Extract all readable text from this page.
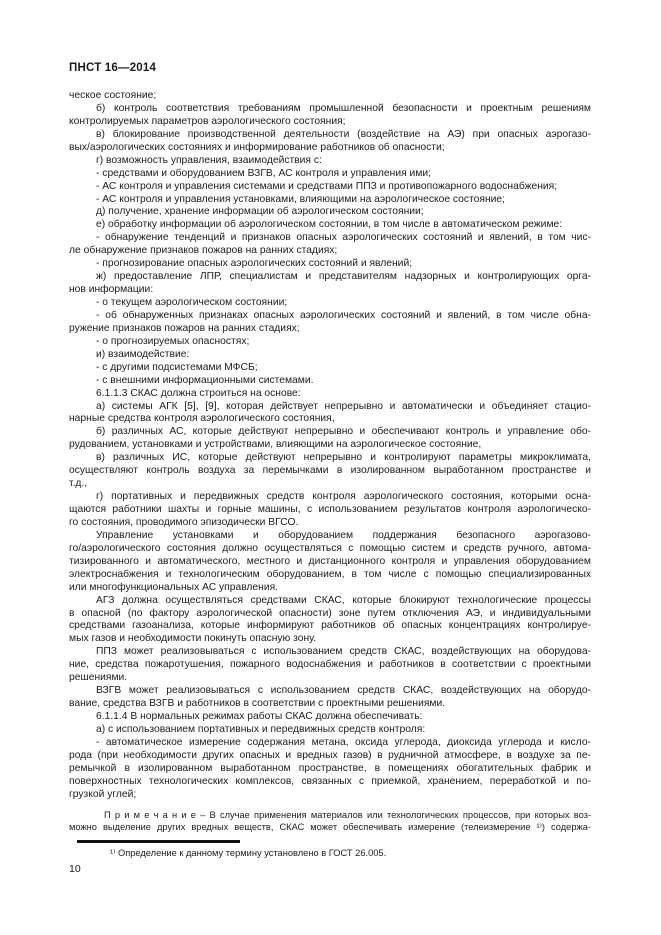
ПНСТ 16—2014
ческое состояние;
б) контроль соответствия требованиям промышленной безопасности и проектным решениям
контролируемых параметров аэрологического состояния;
в) блокирование производственной деятельности (воздействие на АЭ) при опасных аэрогазо-
вых/аэрологических состояниях и информирование работников об опасности;
г) возможность управления, взаимодействия с:
- средствами и оборудованием ВЗГВ, АС контроля и управления ими;
- АС контроля и управления системами и средствами ППЗ и противопожарного водоснабжения;
- АС контроля и управления установками, влияющими на аэрологическое состояние;
д) получение, хранение информации об аэрологическом состоянии;
е) обработку информации об аэрологическом состоянии, в том числе в автоматическом режиме:
- обнаружение тенденций и признаков опасных аэрологических состояний и явлений, в том чис-
ле обнаружение признаков пожаров на ранних стадиях;
- прогнозирование опасных аэрологических состояний и явлений;
ж) предоставление ЛПР, специалистам и представителям надзорных и контролирующих орга-
нов информации:
- о текущем аэрологическом состоянии;
- об обнаруженных признаках опасных аэрологических состояний и явлений, в том числе обна-
ружение признаков пожаров на ранних стадиях;
- о прогнозируемых опасностях;
и) взаимодействие:
- с другими подсистемами МФСБ;
- с внешними информационными системами.
6.1.1.3 СКАС должна строиться на основе:
а) системы АГК [5], [9], которая действует непрерывно и автоматически и объединяет стацио-
нарные средства контроля аэрологического состояния,
б) различных АС, которые действуют непрерывно и обеспечивают контроль и управление обо-
рудованием, установками и устройствами, влияющими на аэрологическое состояние,
в) различных ИС, которые действуют непрерывно и контролируют параметры микроклимата,
осуществляют контроль воздуха за перемычками в изолированном выработанном пространстве и
т.д.,
г) портативных и передвижных средств контроля аэрологического состояния, которыми осна-
щаются работники шахты и горные машины, с использованием результатов контроля аэрологическо-
го состояния, проводимого эпизодически ВГСО.
Управление установками и оборудованием поддержания безопасного аэрогазово-
го/аэрологического состояния должно осуществляться с помощью систем и средств ручного, автома-
тизированного и автоматического, местного и дистанционного контроля и управления оборудованием
электроснабжения и технологическим оборудованием, в том числе с помощью специализированных
или многофункциональных АС управления.
АГЗ должна осуществляться средствами СКАС, которые блокируют технологические процессы
в опасной (по фактору аэрологической опасности) зоне путем отключения АЭ, и индивидуальными
средствами газоанализа, которые информируют работников об опасных концентрациях контролируе-
мых газов и необходимости покинуть опасную зону.
ППЗ может реализовываться с использованием средств СКАС, воздействующих на оборудова-
ние, средства пожаротушения, пожарного водоснабжения и работников в соответствии с проектными
решениями.
ВЗГВ может реализовываться с использованием средств СКАС, воздействующих на оборудо-
вание, средства ВЗГВ и работников в соответствии с проектными решениями.
6.1.1.4 В нормальных режимах работы СКАС должна обеспечивать:
а) с использованием портативных и передвижных средств контроля:
- автоматическое измерение содержания метана, оксида углерода, диоксида углерода и кисло-
рода (при необходимости других опасных и вредных газов) в рудничной атмосфере, в воздухе за пе-
ремычкой в изолированном выработанном пространстве, в помещениях обогатительных фабрик и
поверхностных технологических комплексов, связанных с приемкой, хранением, переработкой и по-
грузкой углей;
П р и м е ч а н и е – В случае применения материалов или технологических процессов, при которых воз-
можно выделение других вредных веществ, СКАС может обеспечивать измерение (телеизмерение ¹⁾) содержа-
¹⁾ Определение к данному термину установлено в ГОСТ 26.005.
10
